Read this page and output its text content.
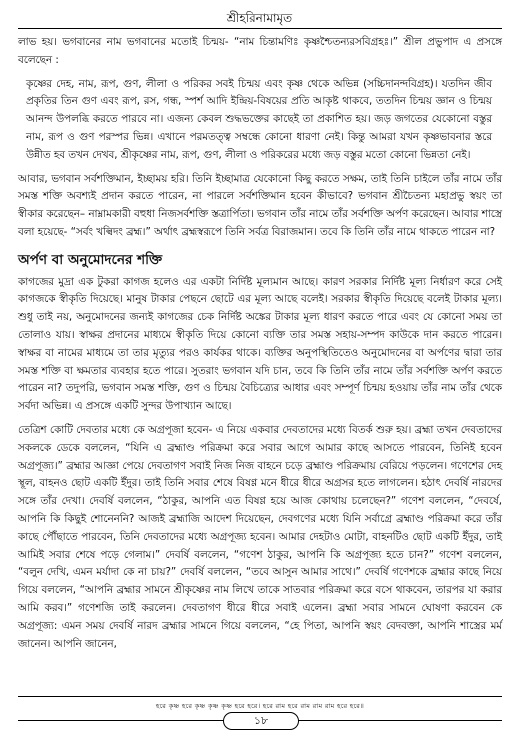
শ্রীহরিনামামৃত

লাভ হয়। ভগবানের নাম ভগবানের মতোই চিন্ময়- “নাম চিন্তামণিঃ কৃষ্ণশ্চৈতন্যরসবিগ্রহঃ।” শ্রীল প্রভুপাদ এ প্রসঙ্গে বলেছেন :

কৃষ্ণের দেহ, নাম, রূপ, গুণ, লীলা ও পরিকর সবই চিন্ময় এবং কৃষ্ণ থেকে অভিন্ন (সচ্চিদানন্দবিগ্রহ)। যতদিন জীব প্রকৃতির তিন গুণ এবং রূপ, রস, গন্ধ, স্পর্শ আদি ইন্দ্রিয়-বিষয়ের প্রতি আকৃষ্ট থাকবে, ততদিন চিন্ময় জ্ঞান ও চিন্ময় আনন্দ উপলব্ধি করতে পারবে না। এজন্য কেবল শুদ্ধভক্তের কাছেই তা প্রকাশিত হয়। জড় জগতের যেকোনো বস্তুর নাম, রূপ ও গুণ পরস্পর ভিন্ন। এখানে পরমতত্ত্ব সম্বন্ধে কোনো ধারণা নেই। কিন্তু আমরা যখন কৃষ্ণভাবনার স্তরে উন্নীত হব তখন দেখব, শ্রীকৃষ্ণের নাম, রূপ, গুণ, লীলা ও পরিকরের মধ্যে জড় বস্তুর মতো কোনো ভিন্নতা নেই।

আবার, ভগবান সর্বশক্তিমান, ইচ্ছাময় হরি। তিনি ইচ্ছামাত্র যেকোনো কিছু করতে সক্ষম, তাই তিনি চাইলে তাঁর নামে তাঁর সমস্ত শক্তি অবশ্যই প্রদান করতে পারেন, না পারলে সর্বশক্তিমান হবেন কীভাবে? ভগবান শ্রীচৈতন্য মহাপ্রভু স্বয়ং তা স্বীকার করেছেন– নাম্নামকারী বহুধা নিজসর্বশক্তি স্তত্রার্পিতা। ভগবান তাঁর নামে তাঁর সর্বশক্তি অর্পণ করেছেন। আবার শাস্ত্রে বলা হয়েছে- “সর্বং খল্বিদং ব্রহ্ম।” অর্থাৎ ব্রহ্মস্বরূপে তিনি সর্বত্র বিরাজমান। তবে কি তিনি তাঁর নামে থাকতে পারেন না?

অর্পণ বা অনুমোদনের শক্তি

কাগজের মুদ্রা এক টুকরা কাগজ হলেও এর একটা নির্দিষ্ট মূল্যমান আছে। কারণ সরকার নির্দিষ্ট মূল্য নির্ধারণ করে সেই কাগজকে স্বীকৃতি দিয়েছে। মানুষ টাকার পেছনে ছোটে এর মূল্য আছে বলেই। সরকার স্বীকৃতি দিয়েছে বলেই টাকার মূল্য। শুধু তাই নয়, অনুমোদনের জন্যই কাগজের চেক নির্দিষ্ট অঙ্কের টাকার মূল্য ধারণ করতে পারে এবং যে কোনো সময় তা তোলাও যায়। স্বাক্ষর প্রদানের মাধ্যমে স্বীকৃতি দিয়ে কোনো ব্যক্তি তার সমস্ত সহায়-সম্পদ কাউকে দান করতে পারেন। স্বাক্ষর বা নামের মাধ্যমে তা তার মৃত্যুর পরও কার্যকর থাকে। ব্যক্তির অনুপস্থিতিতেও অনুমোদনের বা অর্পণের দ্বারা তার সমস্ত শক্তি বা ক্ষমতার ব্যবহার হতে পারে। সুতরাং ভগবান যদি চান, তবে কি তিনি তাঁর নামে তাঁর সর্বশক্তি অর্পণ করতে পারেন না? তদুপরি, ভগবান সমস্ত শক্তি, গুণ ও চিন্ময় বৈচিত্র্যের আধার এবং সম্পূর্ণ চিন্ময় হওয়ায় তাঁর নাম তাঁর থেকে সর্বদা অভিন্ন। এ প্রসঙ্গে একটি সুন্দর উপাখ্যান আছে।

তেত্রিশ কোটি দেবতার মধ্যে কে অগ্রপূজা হবেন- এ নিয়ে একবার দেবতাদের মধ্যে বিতর্ক শুরু হয়। ব্রহ্মা তখন দেবতাদের সকলকে ডেকে বললেন, “যিনি এ ব্রহ্মাণ্ড পরিক্রমা করে সবার আগে আমার কাছে আসতে পারবেন, তিনিই হবেন অগ্রপূজ্য।” ব্রহ্মার আজ্ঞা পেয়ে দেবতাগণ সবাই নিজ নিজ বাহনে চড়ে ব্রহ্মাণ্ড পরিক্রমায় বেরিয়ে পড়লেন। গণেশের দেহ স্থূল, বাহনও ছোট একটি ইঁদুর। তাই তিনি সবার শেষে বিষণ্ণ মনে ধীরে ধীরে অগ্রসর হতে লাগলেন। হঠাৎ দেবর্ষি নারদের সঙ্গে তাঁর দেখা। দেবর্ষি বললেন, “ঠাকুর, আপনি এত বিষণ্ণ হয়ে আজ কোথায় চলেছেন?” গণেশ বললেন, “দেবর্ষে, আপনি কি কিছুই শোনেননি? আজই ব্রহ্মাজি আদেশ দিয়েছেন, দেবগণের মধ্যে যিনি সর্বাগ্রে ব্রহ্মাণ্ড পরিক্রমা করে তাঁর কাছে পৌঁছাতে পারবেন, তিনি দেবতাদের মধ্যে অগ্রপূজ্য হবেন। আমার দেহটাও মোটা, বাহনটিও ছোট একটি ইঁদুর, তাই আমিই সবার শেষে পড়ে গেলাম।” দেবর্ষি বললেন, “গণেশ ঠাকুর, আপনি কি অগ্রপূজ্য হতে চান?” গণেশ বললেন, “বলুন দেখি, এমন মর্যাদা কে না চায়?” দেবর্ষি বললেন, “তবে আসুন আমার সাথে।” দেবর্ষি গণেশকে ব্রহ্মার কাছে নিয়ে গিয়ে বললেন, “আপনি ব্রহ্মার সামনে শ্রীকৃষ্ণের নাম লিখে তাকে সাতবার পরিক্রমা করে বসে থাকবেন, তারপর যা করার আমি করব।” গণেশজি তাই করলেন। দেবতাগণ ধীরে ধীরে সবাই এলেন। ব্রহ্মা সবার সামনে ঘোষণা করবেন কে অগ্রপূজ্য: এমন সময় দেবর্ষি নারদ ব্রহ্মার সামনে গিয়ে বললেন, “হে পিতা, আপনি স্বয়ং বেদবক্তা, আপনি শাস্ত্রের মর্ম জানেন। আপনি জানেন,

হরে কৃষ্ণ হরে কৃষ্ণ কৃষ্ণ কৃষ্ণ হরে হরে। হরে রাম হরে রাম রাম রাম হরে হরে॥
১৮
